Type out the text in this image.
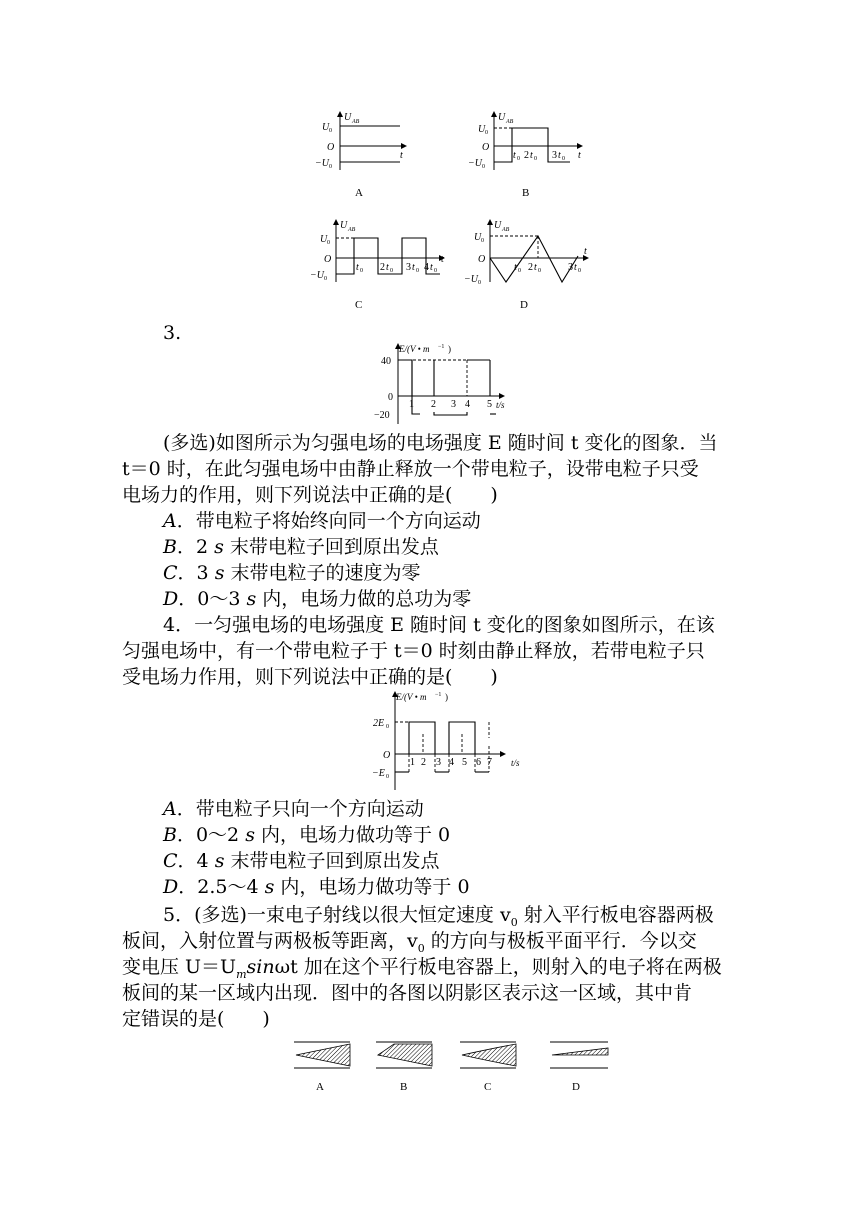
U AB
U 0
O
−U 0
t
A
U AB
U 0
O
−U 0
t 0 2 t 0 3 t 0 t
B
U AB
U 0
O
−U 0
t 0 2 t 0 3 t 0 4 t 0
t
C
U AB
U 0
O
−U 0
t 0 2 t 0	3 t 0
t
D
3.
E/(V • m −1 )
40
0
−20
1 2 3 4 5 t/s
(多选)如图所示为匀强电场的电场强度 E 随时间 t 变化的图象．当
t＝0 时，在此匀强电场中由静止释放一个带电粒子，设带电粒子只受
电场力的作用，则下列说法中正确的是(　　)
A．带电粒子将始终向同一个方向运动
B．2 s 末带电粒子回到原出发点
C．3 s 末带电粒子的速度为零
D．0～3 s 内，电场力做的总功为零
4．一匀强电场的电场强度 E 随时间 t 变化的图象如图所示，在该
匀强电场中，有一个带电粒子于 t＝0 时刻由静止释放，若带电粒子只
受电场力作用，则下列说法中正确的是(　　)
E/(V • m −1 )
2E 0
O
−E 0
1 2 3 4 5 6 7 t/s
A．带电粒子只向一个方向运动
B．0～2 s 内，电场力做功等于 0
C．4 s 末带电粒子回到原出发点
D．2.5～4 s 内，电场力做功等于 0
5．(多选)一束电子射线以很大恒定速度 $v_0$ 射入平行板电容器两极
板间，入射位置与两极板等距离，$v_0$ 的方向与极板平面平行．今以交
变电压 $U=U_m\sin\omega t$ 加在这个平行板电容器上，则射入的电子将在两极
板间的某一区域内出现．图中的各图以阴影区表示这一区域，其中肯
定错误的是(　　)
A	B	C	D
